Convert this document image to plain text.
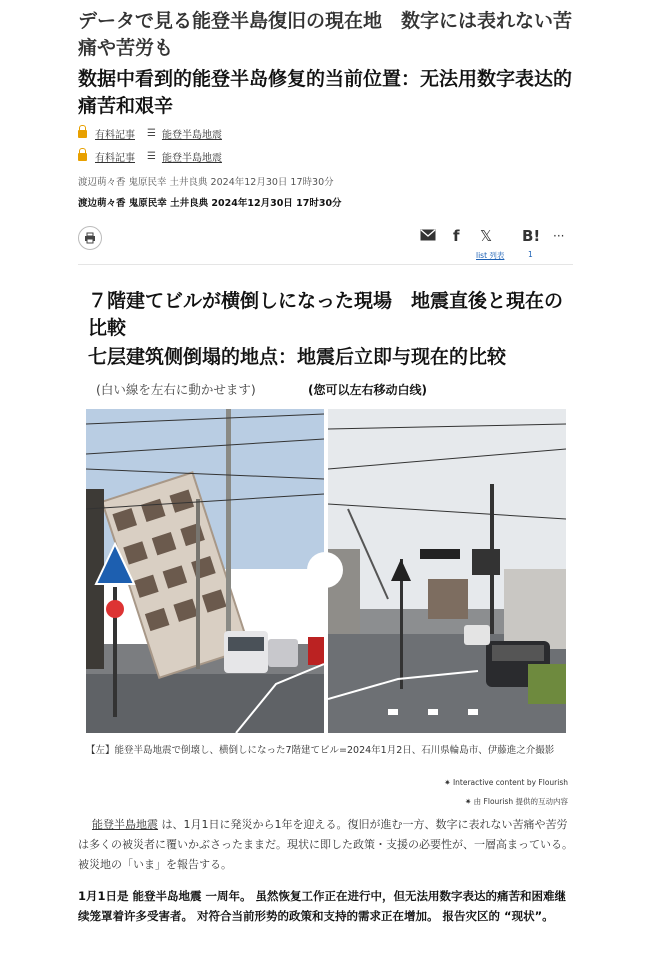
データで見る能登半島復旧の現在地　数字には表れない苦痛や苦労も
数据中看到的能登半岛修复的当前位置：无法用数字表达的痛苦和艰辛
有料記事 ☰ 能登半島地震
有料記事 ☰ 能登半島地震
渡辺萌々香 鬼原民幸 土井良典 2024年12月30日 17時30分
渡边萌々香 鬼原民幸 土井良典 2024年12月30日 17时30分
f 𝕏 B! ···
list 列表	1
７階建てビルが横倒しになった現場　地震直後と現在の比較
七层建筑侧倒塌的地点：地震后立即与现在的比较
(白い線を左右に動かせます)	(您可以左右移动白线)
【左】能登半島地震で倒壊し、横倒しになった7階建てビル=2024年1月2日、石川県輪島市、伊藤進之介撮影
✷ Interactive content by Flourish
✷ 由 Flourish 提供的互动内容
能登半島地震 は、1月1日に発災から1年を迎える。復旧が進む一方、数字に表れない苦痛や苦労は多くの被災者に覆いかぶさったままだ。現状に即した政策・支援の必要性が、一層高まっている。被災地の「いま」を報告する。
1月1日是 能登半岛地震 一周年。 虽然恢复工作正在进行中，但无法用数字表达的痛苦和困难继续笼罩着许多受害者。 对符合当前形势的政策和支持的需求正在增加。 报告灾区的 “现状”。
